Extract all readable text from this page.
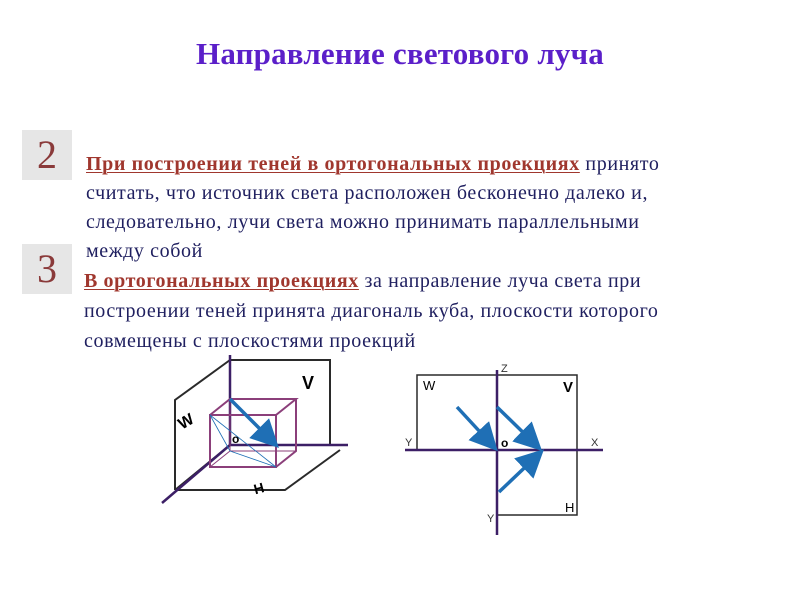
Направление светового луча
2	При построении теней в ортогональных проекциях принято
считать, что источник света расположен бесконечно далеко и,
следовательно, лучи света можно принимать параллельными
между собой
3	В ортогональных проекциях за направление луча света при
построении теней принята диагональ куба, плоскости которого
совмещены с плоскостями проекций
V
W
H
o
Z
W	V
Y	X
o
H
Y
